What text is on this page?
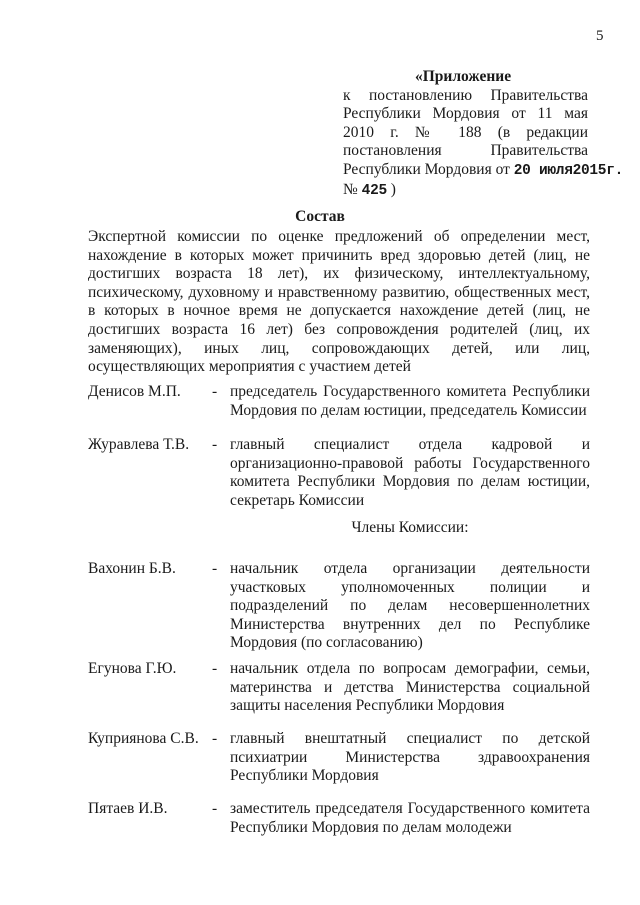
5
«Приложение
к постановлению Правительства
Республики Мордовия от 11 мая
2010 г. № 188 (в редакции
постановления Правительства
Республики Мордовия от 20 июля2015г.
№ 425 )
Состав
Экспертной комиссии по оценке предложений об определении мест, нахождение в которых может причинить вред здоровью детей (лиц, не достигших возраста 18 лет), их физическому, интеллектуальному, психическому, духовному и нравственному развитию, общественных мест, в которых в ночное время не допускается нахождение детей (лиц, не достигших возраста 16 лет) без сопровождения родителей (лиц, их заменяющих), иных лиц, сопровождающих детей, или лиц, осуществляющих мероприятия с участием детей
Денисов М.П. - председатель Государственного комитета Республики Мордовия по делам юстиции, председатель Комиссии
Журавлева Т.В. - главный специалист отдела кадровой и организационно-правовой работы Государственного комитета Республики Мордовия по делам юстиции, секретарь Комиссии
Члены Комиссии:
Вахонин Б.В. - начальник отдела организации деятельности участковых уполномоченных полиции и подразделений по делам несовершеннолетних Министерства внутренних дел по Республике Мордовия (по согласованию)
Егунова Г.Ю. - начальник отдела по вопросам демографии, семьи, материнства и детства Министерства социальной защиты населения Республики Мордовия
Куприянова С.В. - главный внештатный специалист по детской психиатрии Министерства здравоохранения Республики Мордовия
Пятаев И.В.	- заместитель председателя Государственного комитета Республики Мордовия по делам молодежи
